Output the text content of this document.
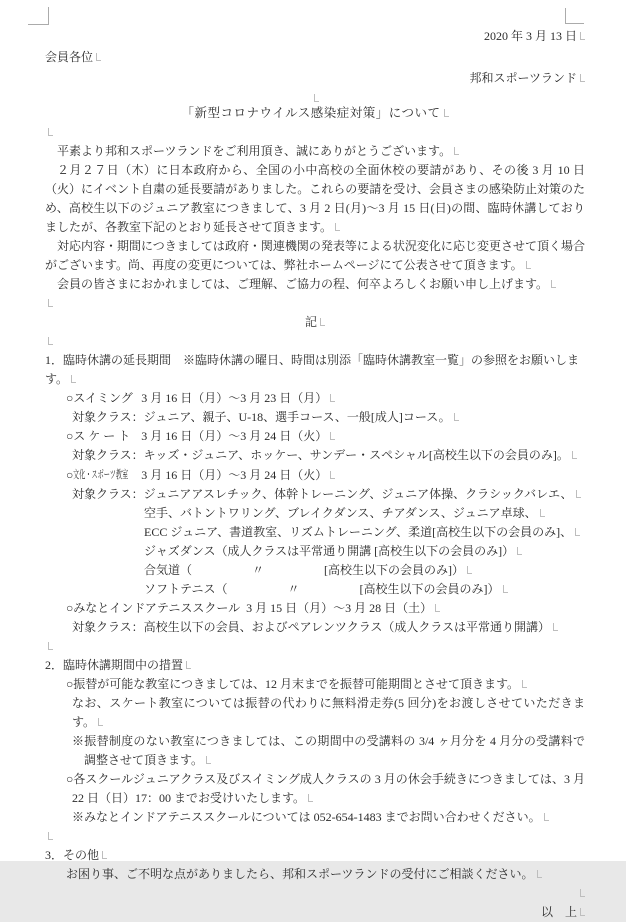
2020 年 3 月 13 日
会員各位
邦和スポーツランド
「新型コロナウイルス感染症対策」について
平素より邦和スポーツランドをご利用頂き、誠にありがとうございます。
２月２７日（木）に日本政府から、全国の小中高校の全面休校の要請があり、その後 3 月 10 日（火）にイベント自粛の延長要請がありました。これらの要請を受け、会員さまの感染防止対策のため、高校生以下のジュニア教室につきまして、3 月 2 日(月)～3 月 15 日(日)の間、臨時休講しておりましたが、各教室下記のとおり延長させて頂きます。
対応内容・期間につきましては政府・関連機関の発表等による状況変化に応じ変更させて頂く場合がございます。尚、再度の変更については、弊社ホームページにて公表させて頂きます。
会員の皆さまにおかれましては、ご理解、ご協力の程、何卒よろしくお願い申し上げます。
記
1．臨時休講の延長期間　※臨時休講の曜日、時間は別添「臨時休講教室一覧」の参照をお願いします。
○スイミング 3 月 16 日（月）～3 月 23 日（月）
対象クラス：ジュニア、親子、U-18、選手コース、一般[成人]コース。
○ス ケ ー ト 3 月 16 日（月）～3 月 24 日（火）
対象クラス：キッズ・ジュニア、ホッケー、サンデー・スペシャル[高校生以下の会員のみ]。
○文化・スポーツ教室 3 月 16 日（月）～3 月 24 日（火）
対象クラス：ジュニアアスレチック、体幹トレーニング、ジュニア体操、クラシックバレエ、
空手、バトントワリング、ブレイクダンス、チアダンス、ジュニア卓球、
ECC ジュニア、書道教室、リズムトレーニング、柔道[高校生以下の会員のみ]、
ジャズダンス（成人クラスは平常通り開講 [高校生以下の会員のみ]）
合気道（　　　　　〃　　　　　[高校生以下の会員のみ]）
ソフトテニス（　　　　　〃　　　　　[高校生以下の会員のみ]）
○みなとインドアテニススクール 3 月 15 日（月）～3 月 28 日（土）
対象クラス：高校生以下の会員、およびペアレンツクラス（成人クラスは平常通り開講）
2．臨時休講期間中の措置
○振替が可能な教室につきましては、12 月末までを振替可能期間とさせて頂きます。
なお、スケート教室については振替の代わりに無料滑走券(5 回分)をお渡しさせていただきます。
※振替制度のない教室につきましては、この期間中の受講料の 3/4 ヶ月分を 4 月分の受講料で調整させて頂きます。
○各スクールジュニアクラス及びスイミング成人クラスの 3 月の休会手続きにつきましては、3 月 22 日（日）17：00 までお受けいたします。
※みなとインドアテニススクールについては 052-654-1483 までお問い合わせください。
3．その他
お困り事、ご不明な点がありましたら、邦和スポーツランドの受付にご相談ください。
以　上
